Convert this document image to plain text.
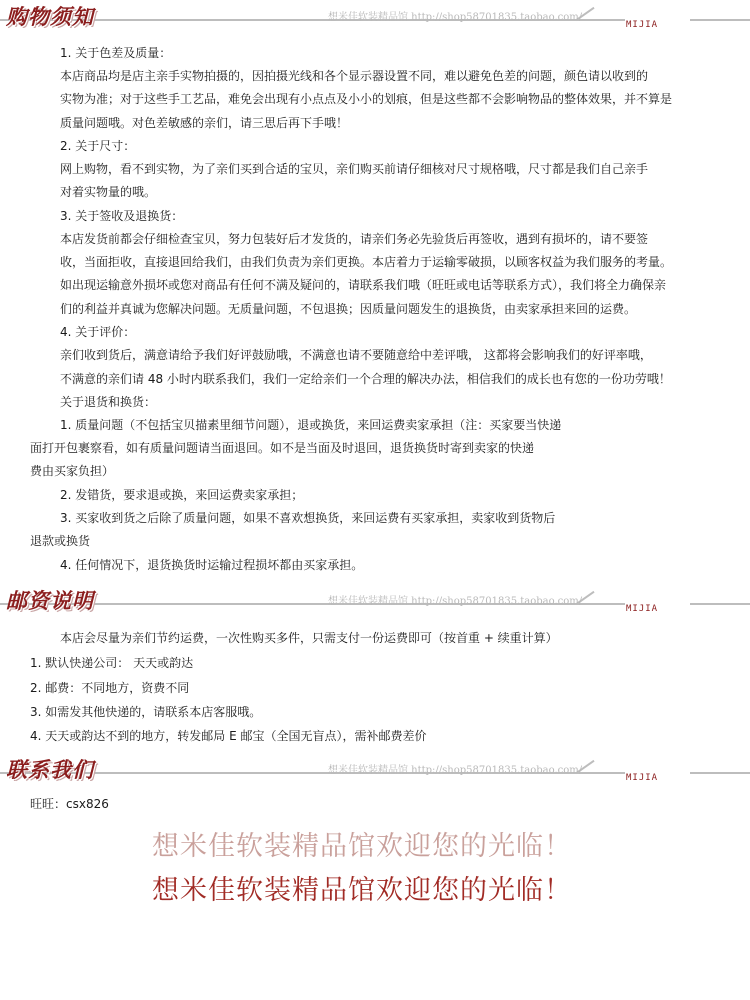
购物须知	想米佳软装精品馆 http://shop58701835.taobao.com/
MIJIA
1. 关于色差及质量：
本店商品均是店主亲手实物拍摄的，因拍摄光线和各个显示器设置不同，难以避免色差的问题，颜色请以收到的
实物为准；对于这些手工艺品，难免会出现有小点点及小小的划痕，但是这些都不会影响物品的整体效果，并不算是
质量问题哦。对色差敏感的亲们，请三思后再下手哦！
2. 关于尺寸：
网上购物，看不到实物，为了亲们买到合适的宝贝，亲们购买前请仔细核对尺寸规格哦，尺寸都是我们自己亲手
对着实物量的哦。
3. 关于签收及退换货：
本店发货前都会仔细检查宝贝，努力包装好后才发货的，请亲们务必先验货后再签收，遇到有损坏的，请不要签
收，当面拒收，直接退回给我们，由我们负责为亲们更换。本店着力于运输零破损，以顾客权益为我们服务的考量。
如出现运输意外损坏或您对商品有任何不满及疑问的，请联系我们哦（旺旺或电话等联系方式），我们将全力确保亲
们的利益并真诚为您解决问题。无质量问题，不包退换；因质量问题发生的退换货，由卖家承担来回的运费。
4. 关于评价：
亲们收到货后，满意请给予我们好评鼓励哦，不满意也请不要随意给中差评哦， 这都将会影响我们的好评率哦，
不满意的亲们请 48 小时内联系我们，我们一定给亲们一个合理的解决办法，相信我们的成长也有您的一份功劳哦！
关于退货和换货：
1. 质量问题（不包括宝贝描素里细节问题），退或换货，来回运费卖家承担（注：买家要当快递
面打开包裹察看，如有质量问题请当面退回。如不是当面及时退回，退货换货时寄到卖家的快递
费由买家负担）
2. 发错货，要求退或换，来回运费卖家承担；
3. 买家收到货之后除了质量问题，如果不喜欢想换货，来回运费有买家承担，卖家收到货物后
退款或换货
4. 任何情况下，退货换货时运输过程损坏都由买家承担。
邮资说明	想米佳软装精品馆 http://shop58701835.taobao.com/
MIJIA
本店会尽量为亲们节约运费，一次性购买多件，只需支付一份运费即可（按首重 + 续重计算）
1. 默认快递公司： 天天或韵达
2. 邮费：不同地方，资费不同
3. 如需发其他快递的，请联系本店客服哦。
4. 天天或韵达不到的地方，转发邮局 E 邮宝（全国无盲点），需补邮费差价
联系我们	想米佳软装精品馆 http://shop58701835.taobao.com/
MIJIA
旺旺：csx826
想米佳软装精品馆欢迎您的光临！
想米佳软装精品馆欢迎您的光临！
